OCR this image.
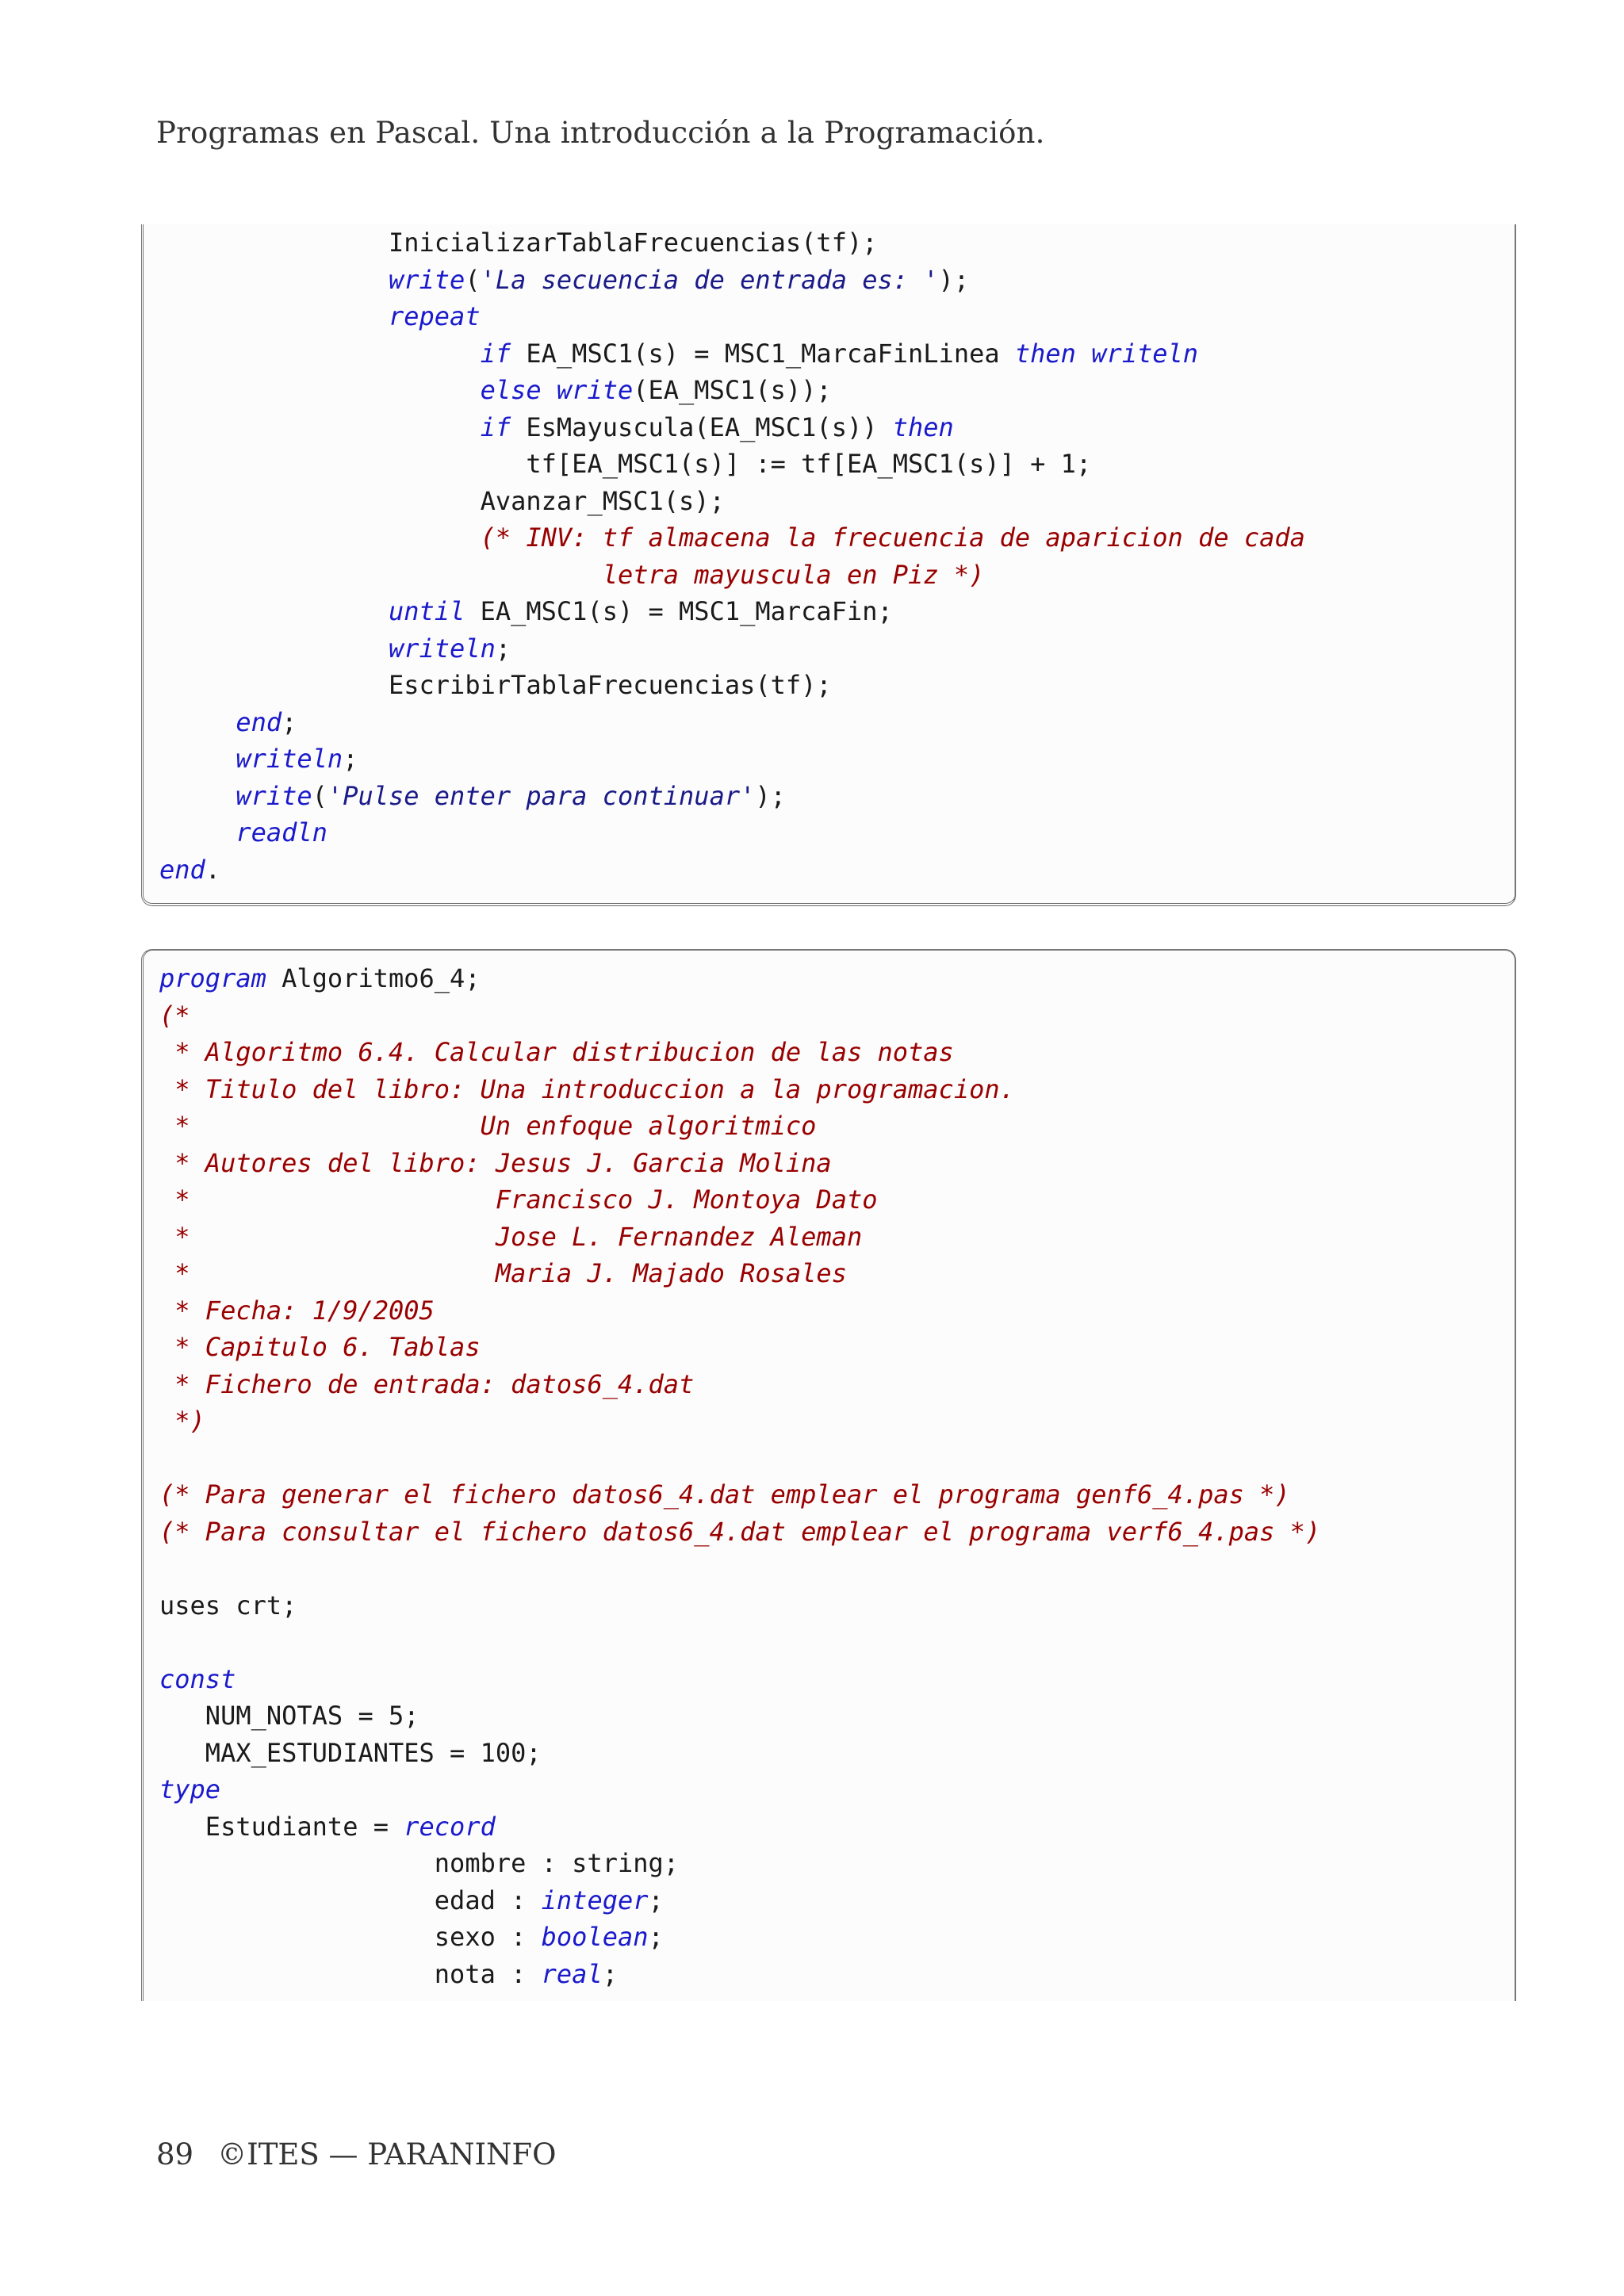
Programas en Pascal. Una introducción a la Programación.
InicializarTablaFrecuencias(tf);
write('La secuencia de entrada es: ');
repeat
if EA_MSC1(s) = MSC1_MarcaFinLinea then writeln
else write(EA_MSC1(s));
if EsMayuscula(EA_MSC1(s)) then
tf[EA_MSC1(s)] := tf[EA_MSC1(s)] + 1;
Avanzar_MSC1(s);
(* INV: tf almacena la frecuencia de aparicion de cada
letra mayuscula en Piz *)
until EA_MSC1(s) = MSC1_MarcaFin;
writeln;
EscribirTablaFrecuencias(tf);
end;
writeln;
write('Pulse enter para continuar');
readln
end.
program Algoritmo6_4;
(*
* Algoritmo 6.4. Calcular distribucion de las notas
* Titulo del libro: Una introduccion a la programacion.
*                   Un enfoque algoritmico
* Autores del libro: Jesus J. Garcia Molina
*                    Francisco J. Montoya Dato
*                    Jose L. Fernandez Aleman
*                    Maria J. Majado Rosales
* Fecha: 1/9/2005
* Capitulo 6. Tablas
* Fichero de entrada: datos6_4.dat
*)

(* Para generar el fichero datos6_4.dat emplear el programa genf6_4.pas *)
(* Para consultar el fichero datos6_4.dat emplear el programa verf6_4.pas *)

uses crt;

const
NUM_NOTAS = 5;
MAX_ESTUDIANTES = 100;
type
Estudiante = record
nombre : string;
edad : integer;
sexo : boolean;
nota : real;
89 ©ITES — PARANINFO
